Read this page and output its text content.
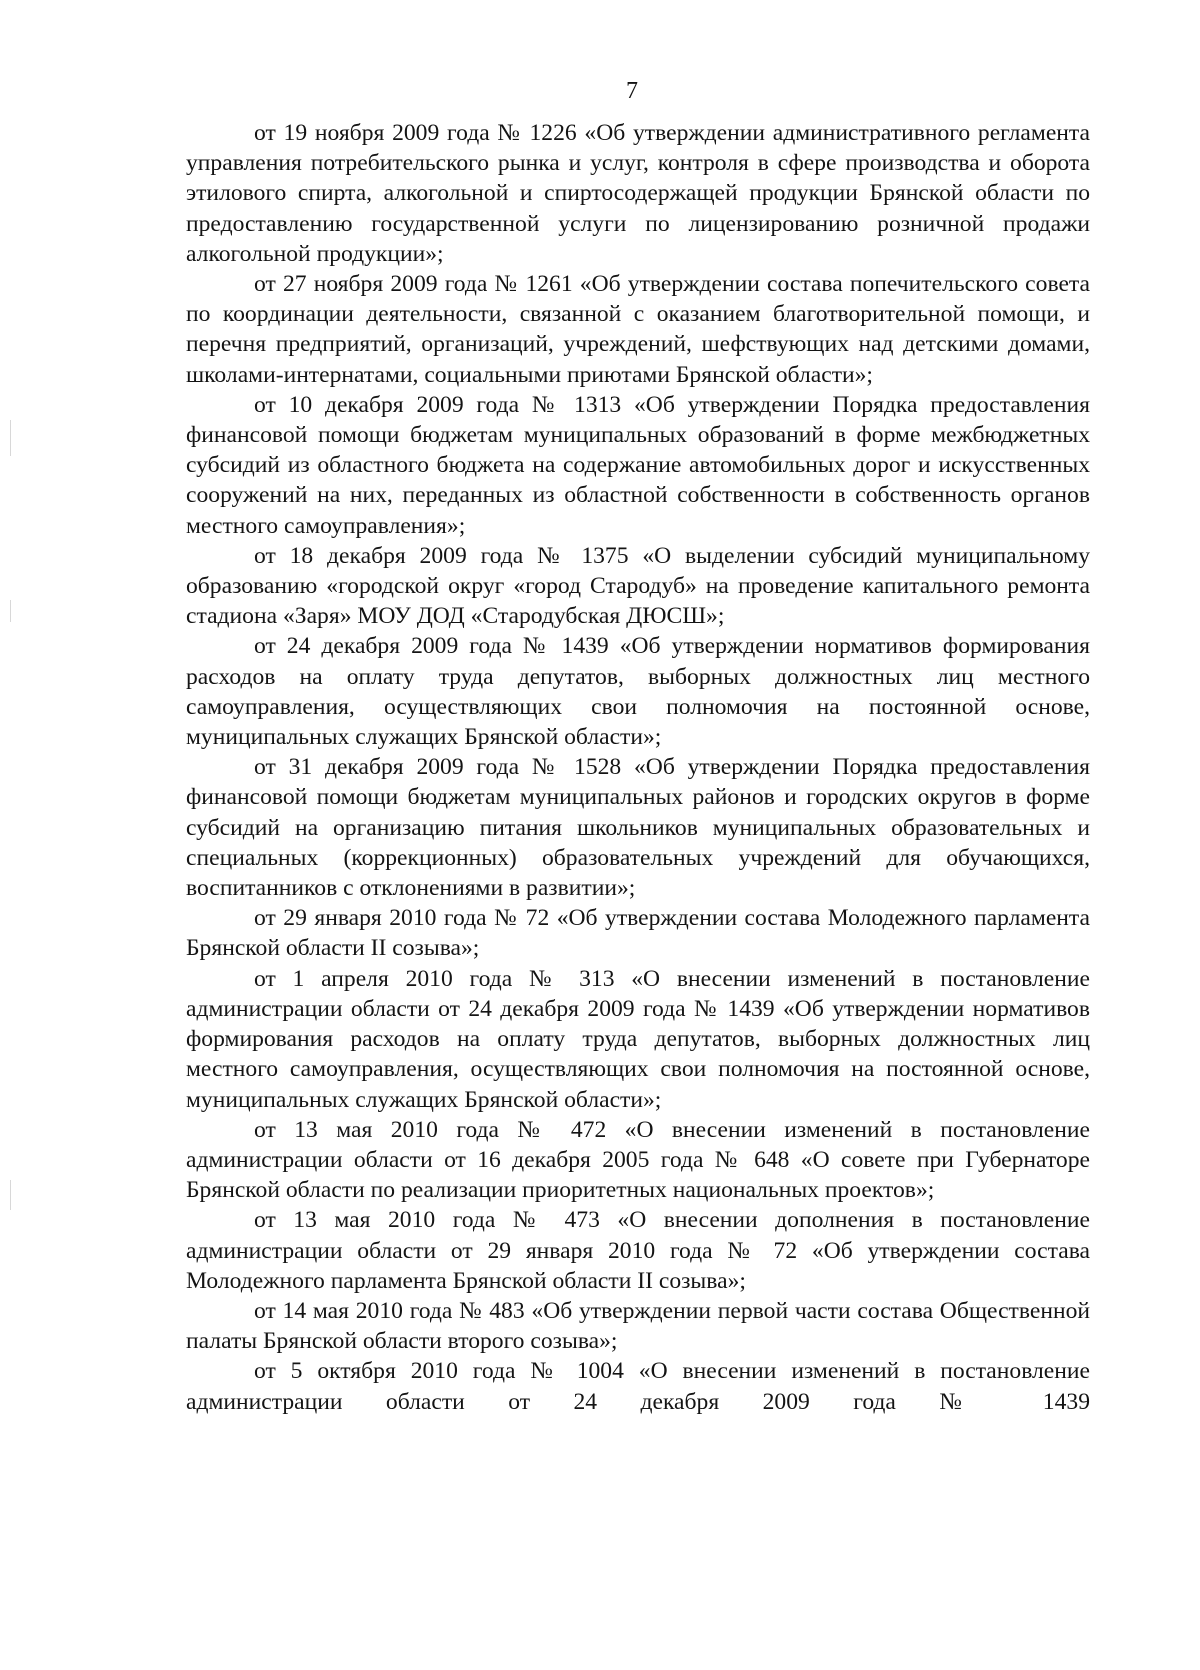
7

от 19 ноября 2009 года № 1226 «Об утверждении административного регламента управления потребительского рынка и услуг, контроля в сфере производства и оборота этилового спирта, алкогольной и спиртосодержащей продукции Брянской области по предоставлению государственной услуги по лицензированию розничной продажи алкогольной продукции»;

от 27 ноября 2009 года № 1261 «Об утверждении состава попечительского совета по координации деятельности, связанной с оказанием благотворительной помощи, и перечня предприятий, организаций, учреждений, шефствующих над детскими домами, школами-интернатами, социальными приютами Брянской области»;

от 10 декабря 2009 года № 1313 «Об утверждении Порядка предоставления финансовой помощи бюджетам муниципальных образований в форме межбюджетных субсидий из областного бюджета на содержание автомобильных дорог и искусственных сооружений на них, переданных из областной собственности в собственность органов местного самоуправления»;

от 18 декабря 2009 года № 1375 «О выделении субсидий муниципальному образованию «городской округ «город Стародуб» на проведение капитального ремонта стадиона «Заря» МОУ ДОД «Стародубская ДЮСШ»;

от 24 декабря 2009 года № 1439 «Об утверждении нормативов формирования расходов на оплату труда депутатов, выборных должностных лиц местного самоуправления, осуществляющих свои полномочия на постоянной основе, муниципальных служащих Брянской области»;

от 31 декабря 2009 года № 1528 «Об утверждении Порядка предоставления финансовой помощи бюджетам муниципальных районов и городских округов в форме субсидий на организацию питания школьников муниципальных образовательных и специальных (коррекционных) образовательных учреждений для обучающихся, воспитанников с отклонениями в развитии»;

от 29 января 2010 года № 72 «Об утверждении состава Молодежного парламента Брянской области II созыва»;

от 1 апреля 2010 года № 313 «О внесении изменений в постановление администрации области от 24 декабря 2009 года № 1439 «Об утверждении нормативов формирования расходов на оплату труда депутатов, выборных должностных лиц местного самоуправления, осуществляющих свои полномочия на постоянной основе, муниципальных служащих Брянской области»;

от 13 мая 2010 года № 472 «О внесении изменений в постановление администрации области от 16 декабря 2005 года № 648 «О совете при Губернаторе Брянской области по реализации приоритетных национальных проектов»;

от 13 мая 2010 года № 473 «О внесении дополнения в постановление администрации области от 29 января 2010 года № 72 «Об утверждении состава Молодежного парламента Брянской области II созыва»;

от 14 мая 2010 года № 483 «Об утверждении первой части состава Общественной палаты Брянской области второго созыва»;

от 5 октября 2010 года № 1004 «О внесении изменений в постановление администрации области от 24 декабря 2009 года № 1439
